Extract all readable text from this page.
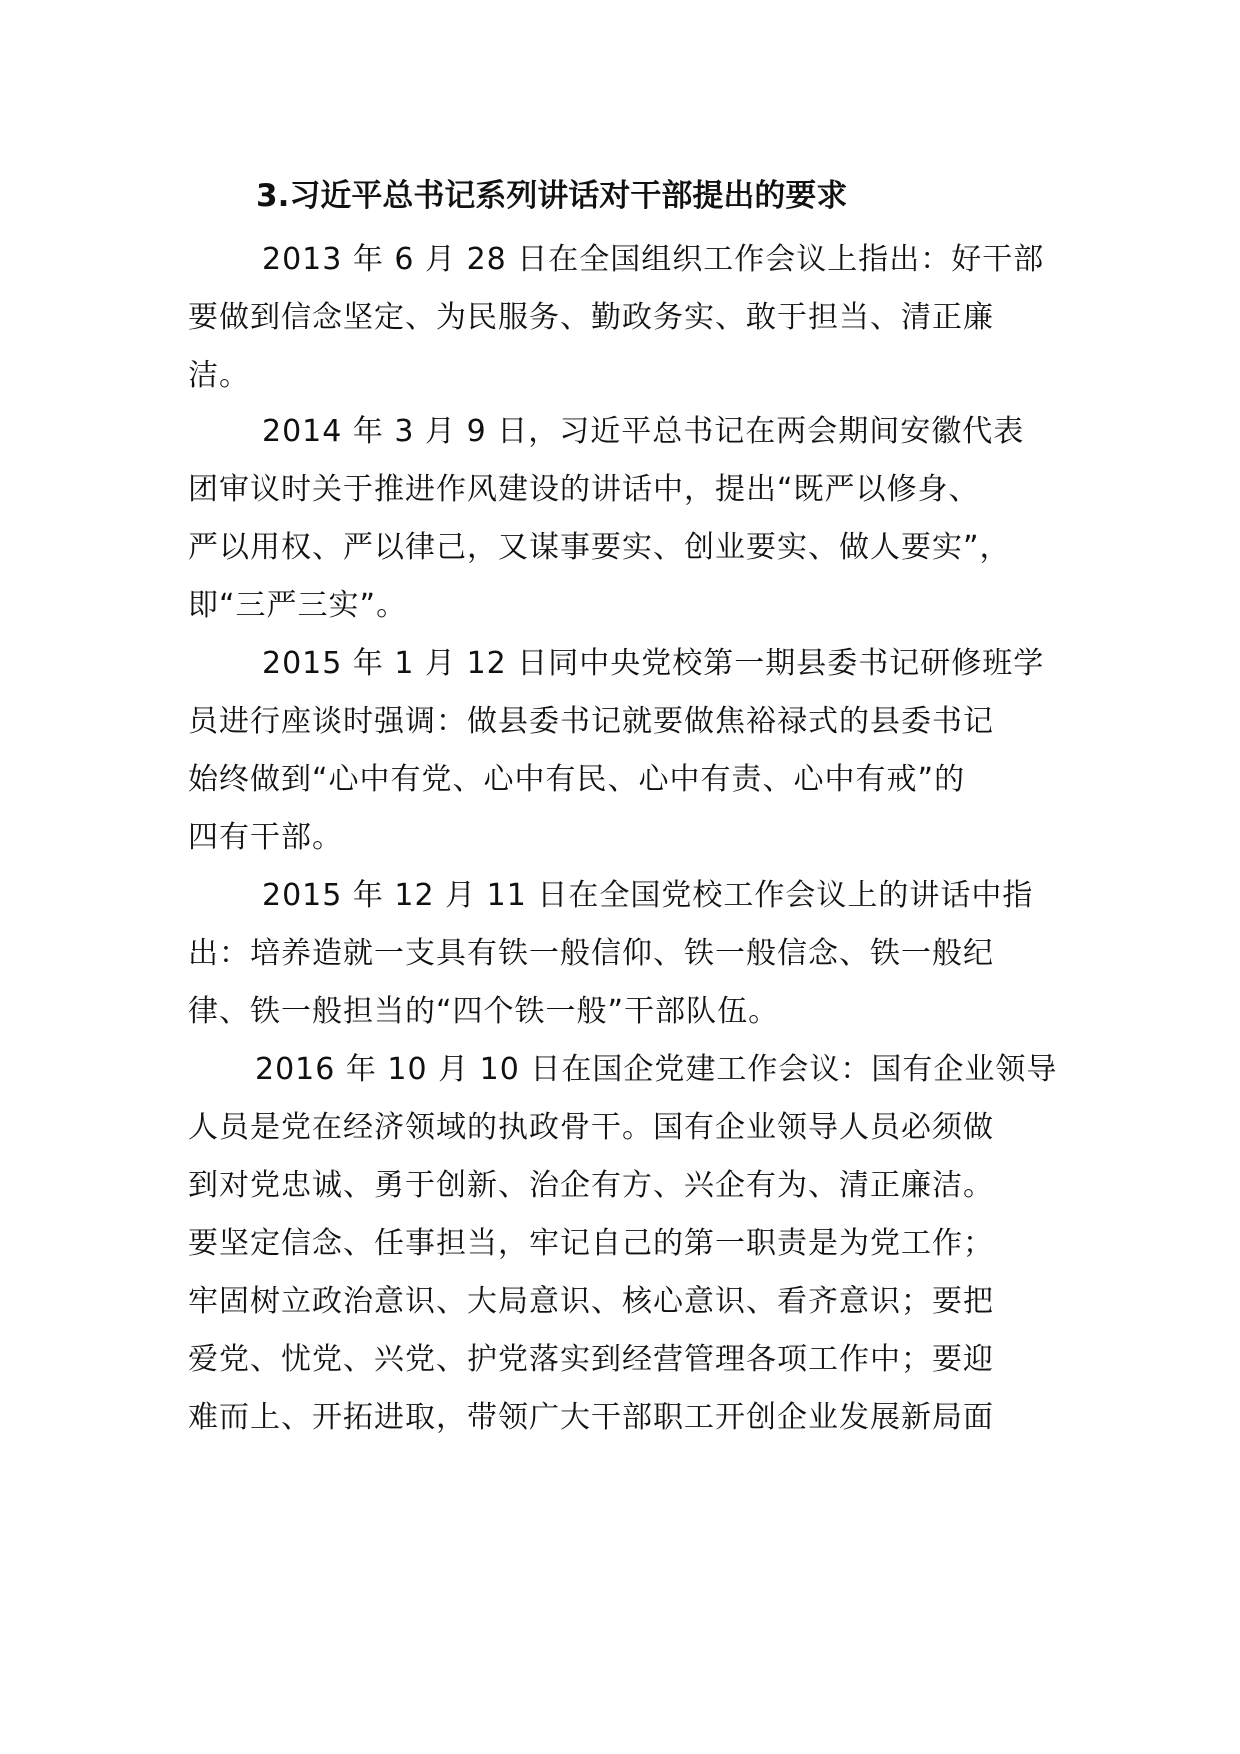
3.习近平总书记系列讲话对干部提出的要求
2013 年 6 月 28 日在全国组织工作会议上指出：好干部
要做到信念坚定、为民服务、勤政务实、敢于担当、清正廉
洁。
2014 年 3 月 9 日，习近平总书记在两会期间安徽代表
团审议时关于推进作风建设的讲话中，提出“既严以修身、
严以用权、严以律己，又谋事要实、创业要实、做人要实”，
即“三严三实”。
2015 年 1 月 12 日同中央党校第一期县委书记研修班学
员进行座谈时强调：做县委书记就要做焦裕禄式的县委书记
始终做到“心中有党、心中有民、心中有责、心中有戒”的
四有干部。
2015 年 12 月 11 日在全国党校工作会议上的讲话中指
出：培养造就一支具有铁一般信仰、铁一般信念、铁一般纪
律、铁一般担当的“四个铁一般”干部队伍。
2016 年 10 月 10 日在国企党建工作会议：国有企业领导
人员是党在经济领域的执政骨干。国有企业领导人员必须做
到对党忠诚、勇于创新、治企有方、兴企有为、清正廉洁。
要坚定信念、任事担当，牢记自己的第一职责是为党工作；
牢固树立政治意识、大局意识、核心意识、看齐意识；要把
爱党、忧党、兴党、护党落实到经营管理各项工作中；要迎
难而上、开拓进取，带领广大干部职工开创企业发展新局面
